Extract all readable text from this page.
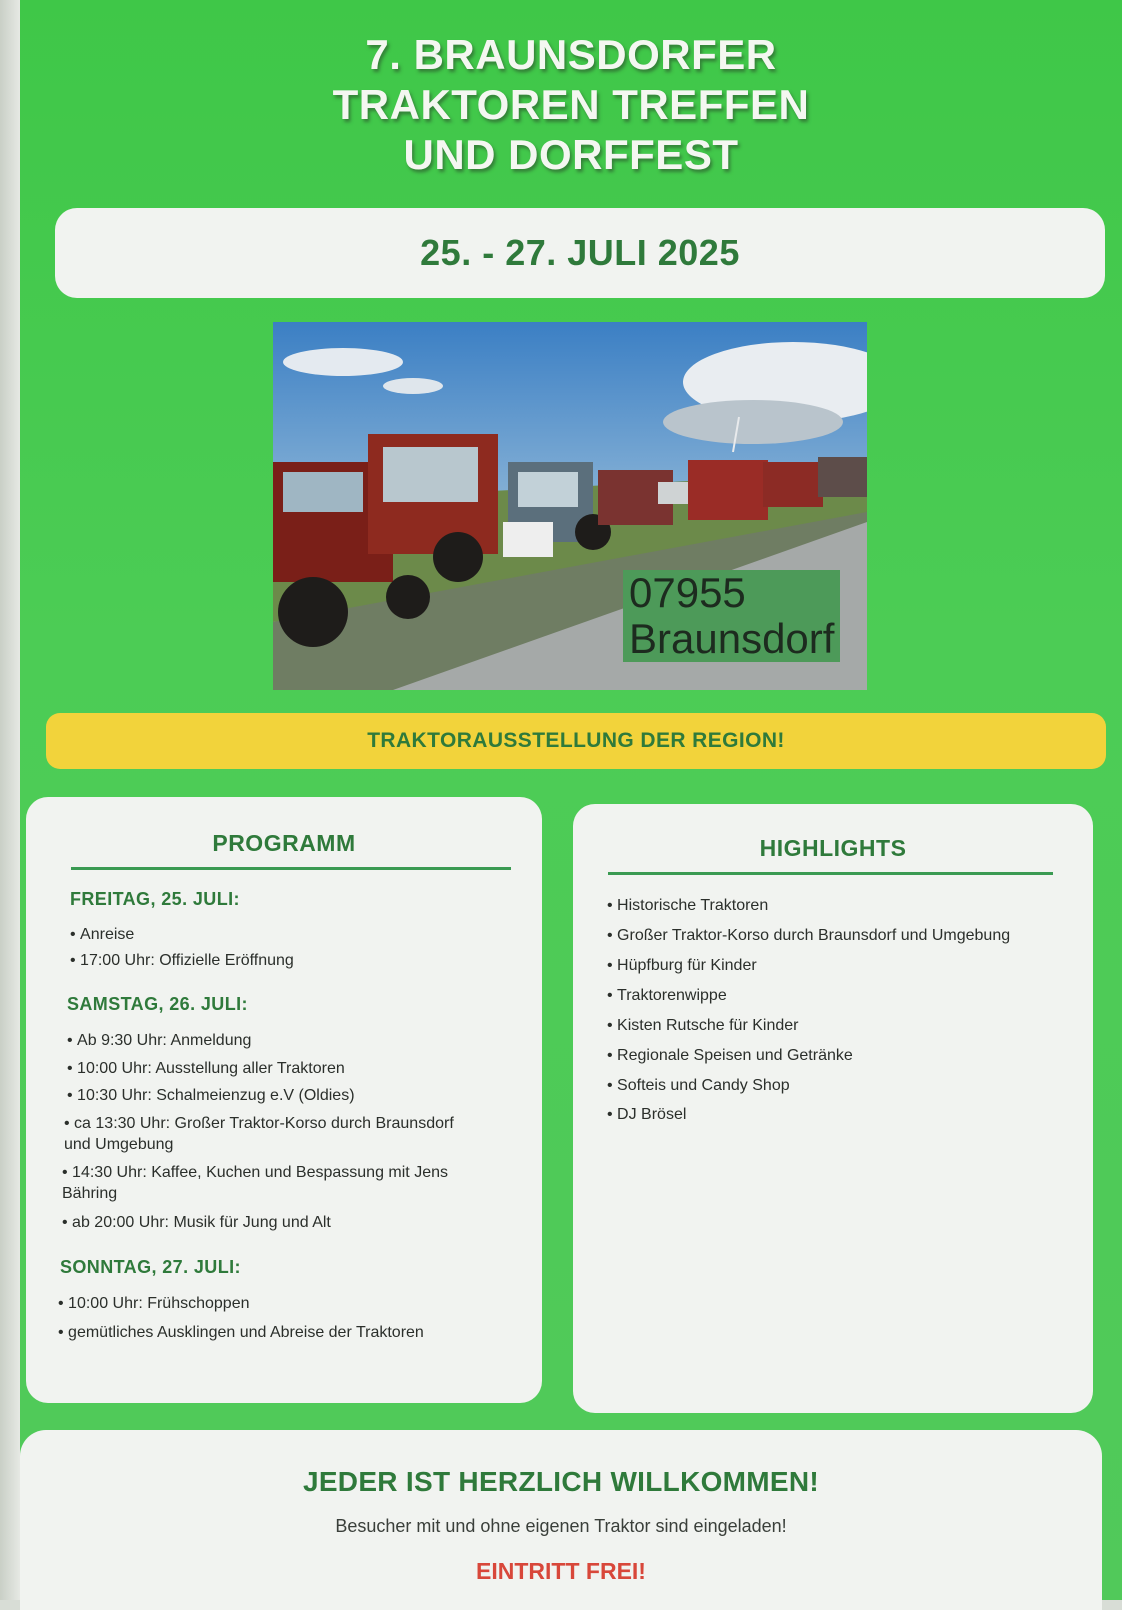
7. BRAUNSDORFER
TRAKTOREN TREFFEN
UND DORFFEST
25. - 27. JULI 2025
07955
Braunsdorf
TRAKTORAUSSTELLUNG DER REGION!
PROGRAMM
FREITAG, 25. JULI:
• Anreise
• 17:00 Uhr: Offizielle Eröffnung
SAMSTAG, 26. JULI:
• Ab 9:30 Uhr: Anmeldung
• 10:00 Uhr: Ausstellung aller Traktoren
• 10:30 Uhr: Schalmeienzug e.V (Oldies)
• ca 13:30 Uhr: Großer Traktor-Korso durch Braunsdorf
und Umgebung
• 14:30 Uhr: Kaffee, Kuchen und Bespassung mit Jens
Bähring
• ab 20:00 Uhr: Musik für Jung und Alt
SONNTAG, 27. JULI:
• 10:00 Uhr: Frühschoppen
• gemütliches Ausklingen und Abreise der Traktoren
HIGHLIGHTS
• Historische Traktoren
• Großer Traktor-Korso durch Braunsdorf und Umgebung
• Hüpfburg für Kinder
• Traktorenwippe
• Kisten Rutsche für Kinder
• Regionale Speisen und Getränke
• Softeis und Candy Shop
• DJ Brösel
JEDER IST HERZLICH WILLKOMMEN!
Besucher mit und ohne eigenen Traktor sind eingeladen!
EINTRITT FREI!
